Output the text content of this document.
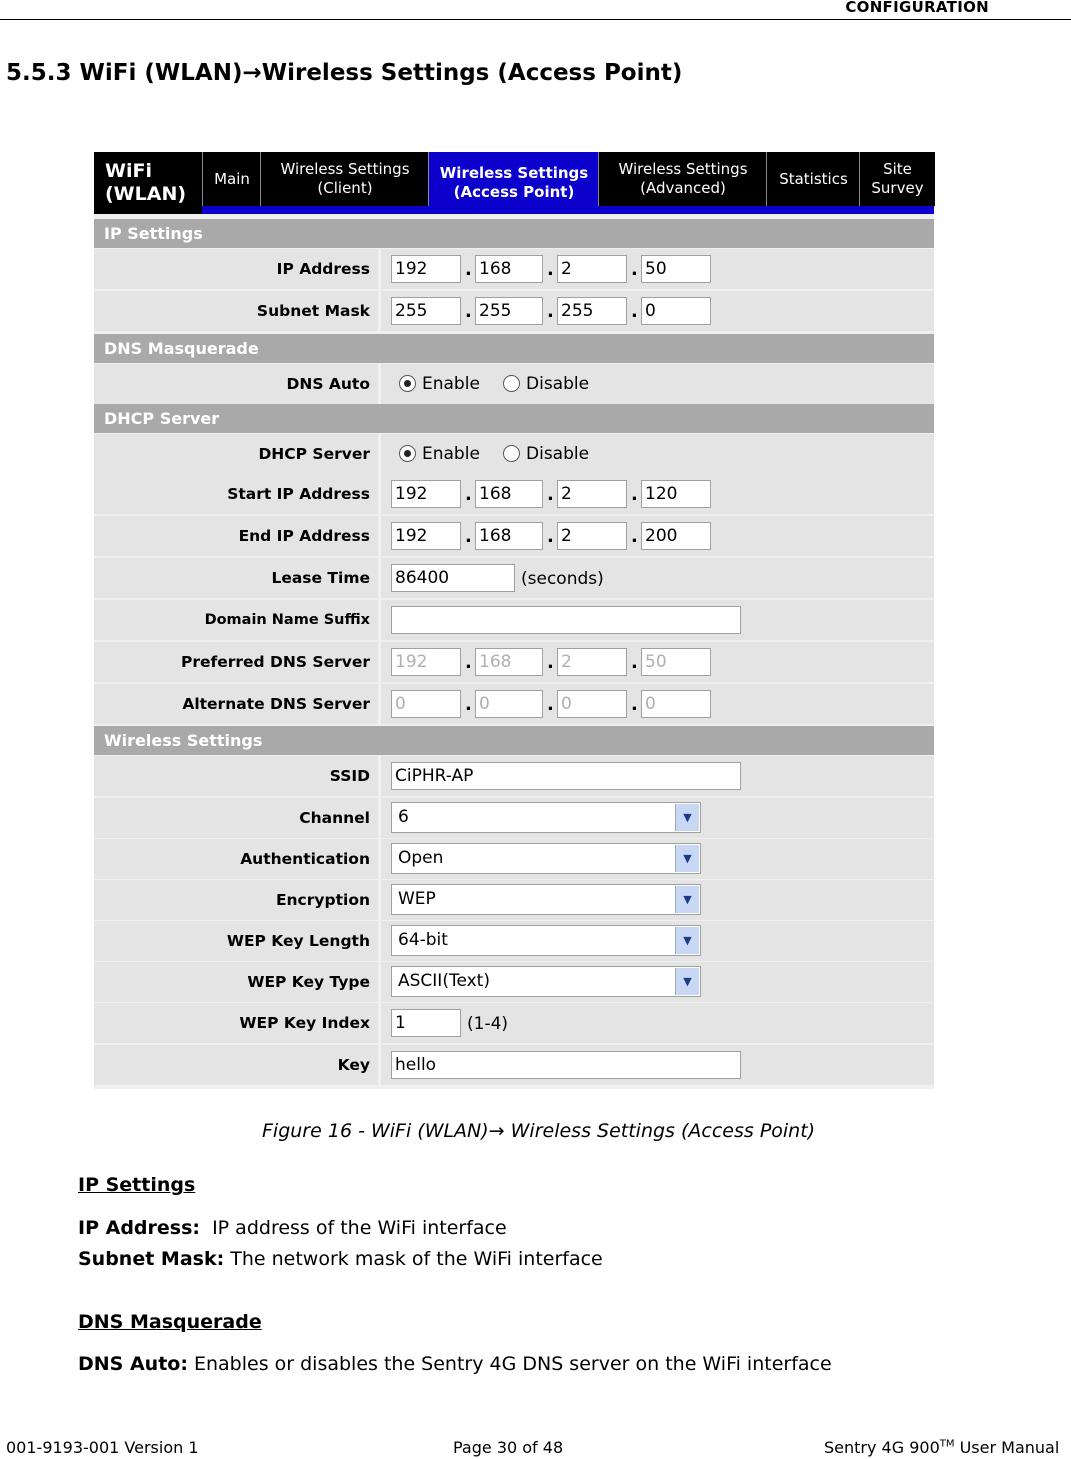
CONFIGURATION
5.5.3 WiFi (WLAN)→Wireless Settings (Access Point)
WiFi
(WLAN)
Main
Wireless Settings
(Client)
Wireless Settings
(Access Point)
Wireless Settings
(Advanced)
Statistics
Site
Survey
IP Settings
IP Address	192	. 168	. 2	. 50
Subnet Mask	255	. 255	. 255	. 0
DNS Masquerade
DNS Auto	Enable	Disable
DHCP Server
DHCP Server	Enable	Disable
Start IP Address	192	. 168	. 2	. 120
End IP Address	192	. 168	. 2	. 200
Lease Time	86400	(seconds)
Domain Name Suffix
Preferred DNS Server	192	. 168	. 2	. 50
Alternate DNS Server	0	. 0	. 0	. 0
Wireless Settings
SSID	CiPHR-AP
Channel	6	▼
Authentication	Open	▼
Encryption	WEP	▼
WEP Key Length	64-bit	▼
WEP Key Type	ASCII(Text)	▼
WEP Key Index	1	(1-4)
Key	hello
Figure 16 - WiFi (WLAN)→ Wireless Settings (Access Point)
IP Settings
IP Address:  IP address of the WiFi interface
Subnet Mask: The network mask of the WiFi interface
DNS Masquerade
DNS Auto: Enables or disables the Sentry 4G DNS server on the WiFi interface
001-9193-001 Version 1	Page 30 of 48	Sentry 4G 900™ User Manual
